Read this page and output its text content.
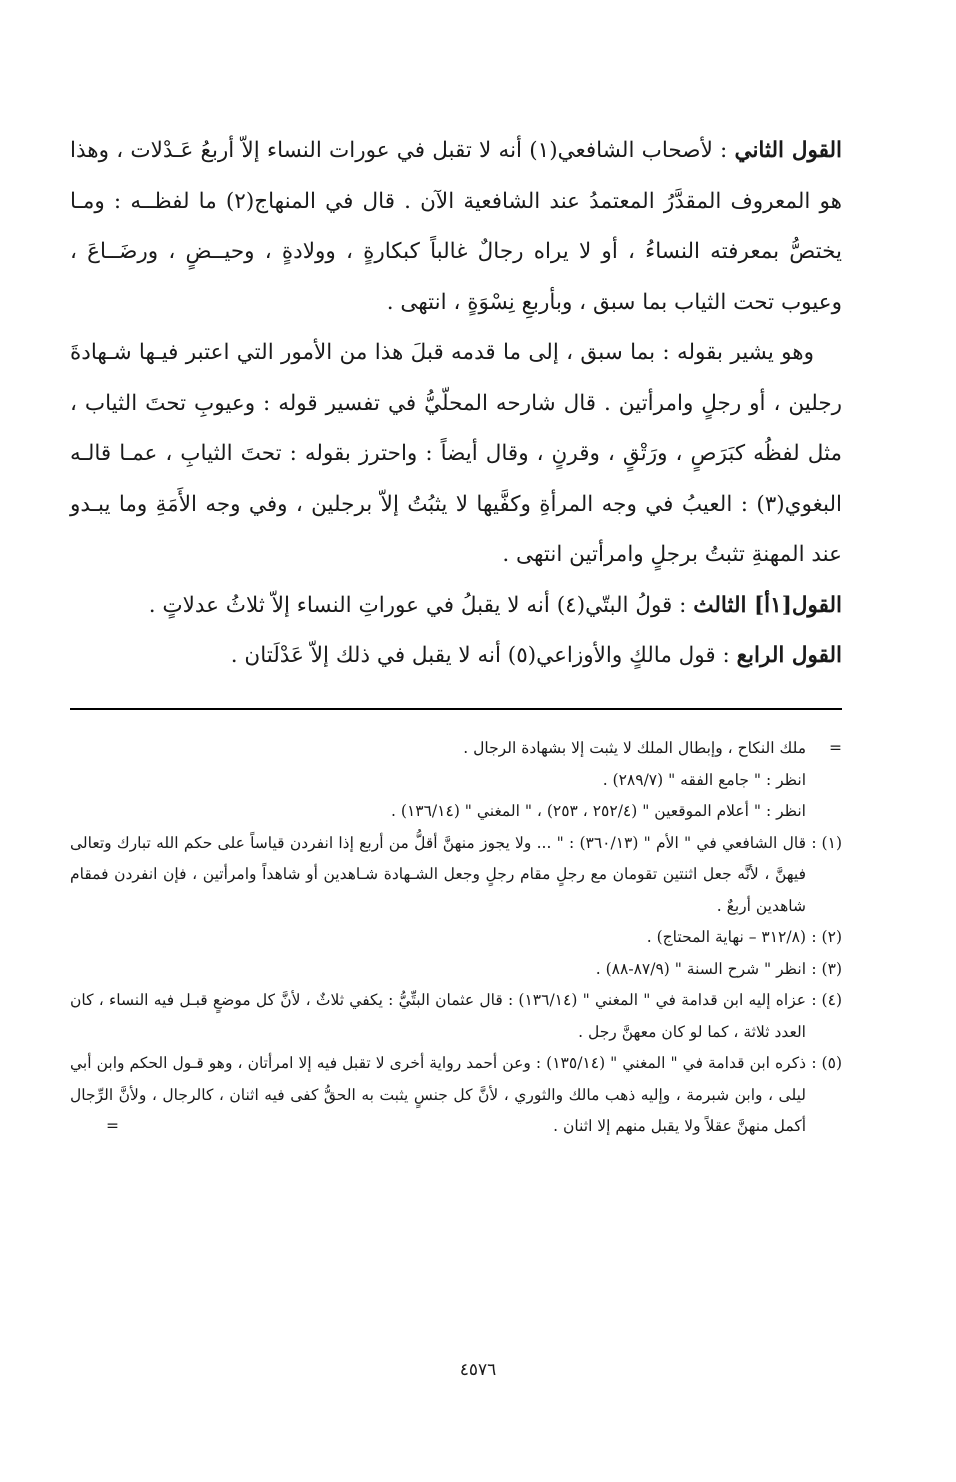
القول الثاني : لأصحاب الشافعي(١) أنه لا تقبل في عورات النساء إلاّ أربعُ عَـدْلات ، وهذا هو المعروف المقدَّرُ المعتمدُ عند الشافعية الآن . قال في المنهاج(٢) ما لفظــه : ومـا يختصُّ بمعرفته النساءُ ، أو لا يراه رجالٌ غالباً كبكارةٍ ، وولادةٍ ، وحيــضٍ ، ورضَــاعَ ، وعيوب تحت الثياب بما سبق ، وبأربعِ نِسْوَةٍ ، انتهى .

وهو يشير بقوله : بما سبق ، إلى ما قدمه قبلَ هذا من الأمور التي اعتبر فيـها شـهادةَ رجلين ، أو رجلٍ وامرأتين . قال شارحه المحلّيُّ في تفسير قوله : وعيوبِ تحتَ الثياب ، مثل لفظُه كبَرَصٍ ، ورَتْقٍ ، وقرنٍ ، وقال أيضاً : واحترز بقوله : تحتَ الثيابِ ، عمـا قالـه البغوي(٣) : العيبُ في وجه المرأةِ وكفَّيها لا يثبُتُ إلاّ برجلين ، وفي وجه الأَمَةِ وما يبـدو عند المهنةِ تثبتُ برجلٍ وامرأتين انتهى .

القول[١أ] الثالث : قولُ البتّي(٤) أنه لا يقبلُ في عوراتِ النساء إلاّ ثلاثُ عدلاتٍ .

القول الرابع : قول مالكٍ والأوزاعي(٥) أنه لا يقبل في ذلك إلاّ عَدْلَتان .

=
ملك النكاح ، وإبطال الملك لا يثبت إلا بشهادة الرجال .
انظر : " جامع الفقه " (٢٨٩/٧) .
انظر : " أعلام الموقعين " (٢٥٢/٤ ، ٢٥٣) ، " المغني " (١٣٦/١٤) .
(١) :
قال الشافعي في " الأم " (٣٦٠/١٣) : " ... ولا يجوز منهنَّ أقلُّ من أربع إذا انفردن قياساً على حكم الله تبارك وتعالى فيهنَّ ، لأنَّه جعل اثنتين تقومان مع رجلٍ مقام رجلٍ وجعل الشـهادة شـاهدين أو شاهداً وامرأتين ، فإن انفردن فمقام شاهدين أربعٌ .
(٢) :
(٣١٢/٨ – نهاية المحتاج) .
(٣) :
انظر " شرح السنة " (٨٧/٩-٨٨) .
(٤) :
عزاه إليه ابن قدامة في " المغني " (١٣٦/١٤) : قال عثمان البتِّيُّ : يكفي ثلاثٌ ، لأنَّ كل موضعٍ قبـل فيه النساء ، كان العدد ثلاثة ، كما لو كان معهنَّ رجل .
(٥) :
ذكره ابن قدامة في " المغني " (١٣٥/١٤) : وعن أحمد رواية أخرى لا تقبل فيه إلا امرأتان ، وهو قـول الحكم وابن أبي ليلى ، وابن شبرمة ، وإليه ذهب مالك والثوري ، لأنَّ كل جنسٍ يثبت به الحقُّ كفى فيه اثنان ، كالرجال ، ولأنَّ الرِّجال أكمل منهنَّ عقلاً ولا يقبل منهم إلا اثنان .
=
٤٥٧٦
